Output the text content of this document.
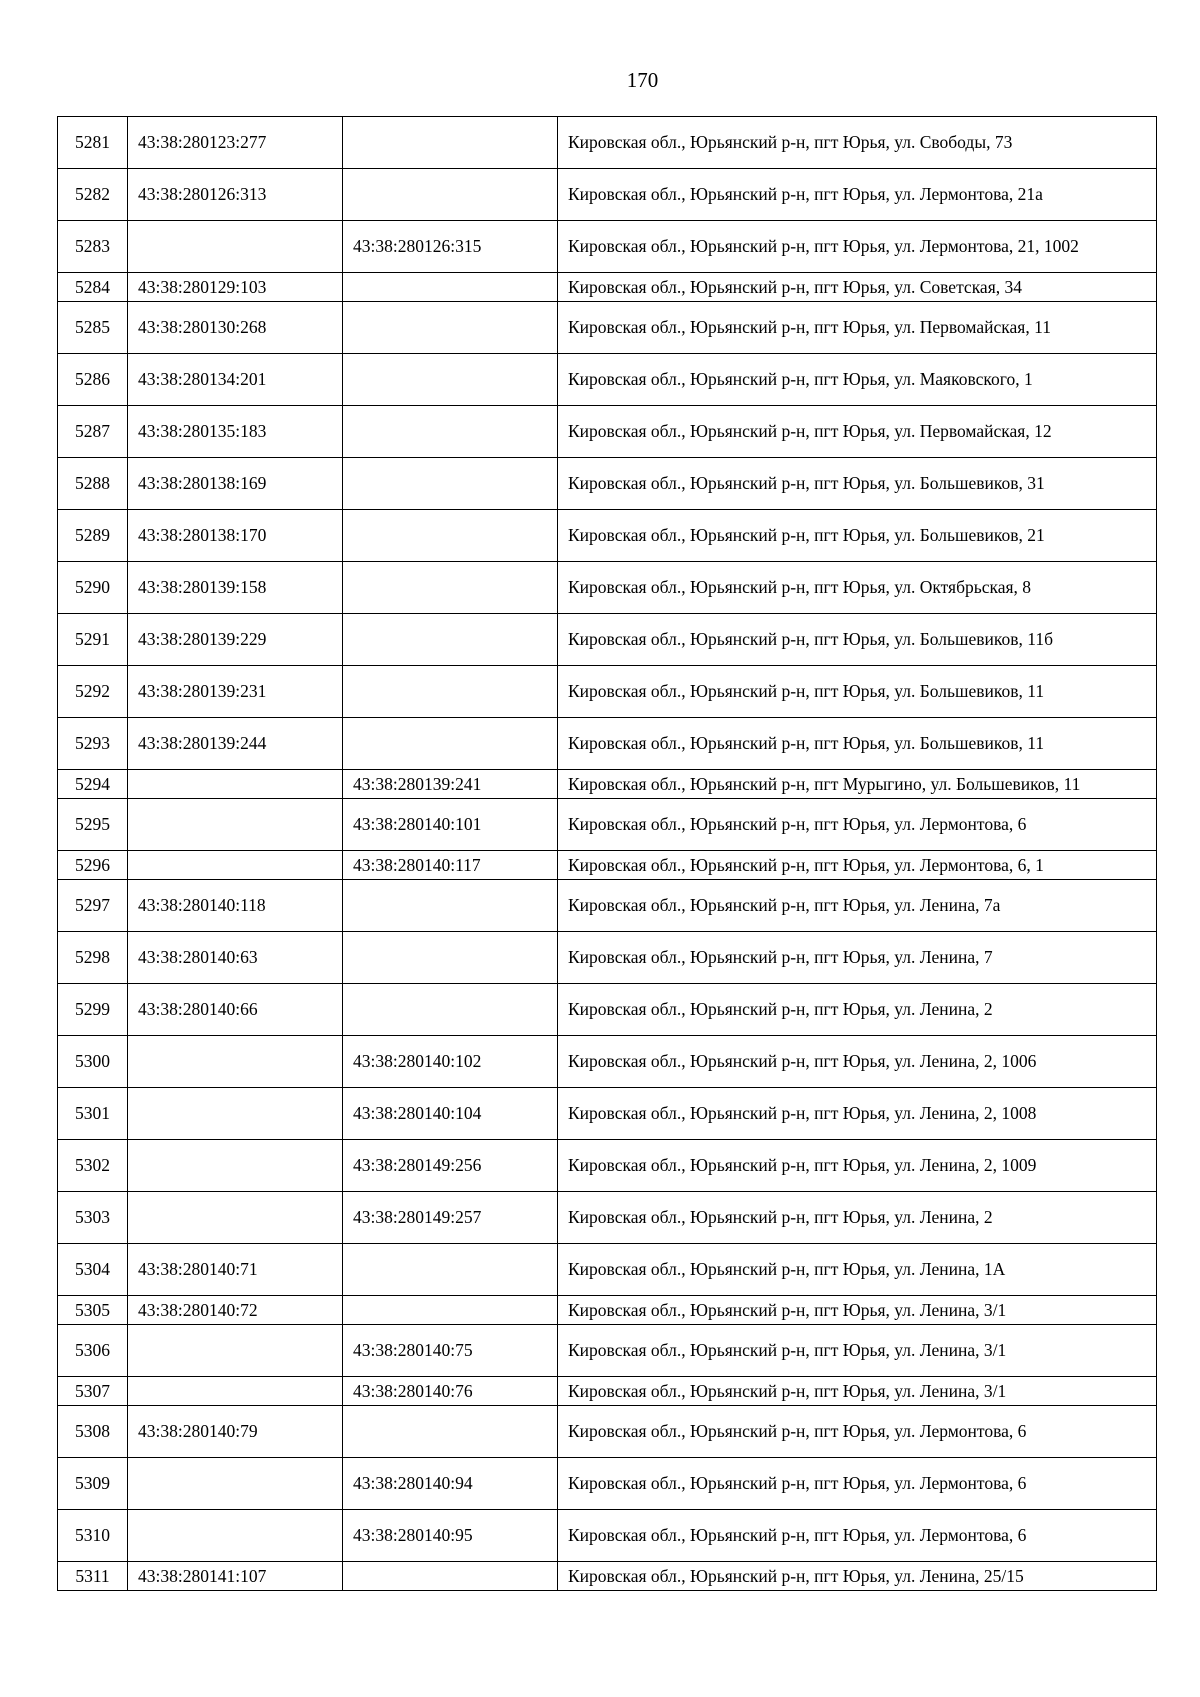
170
5281	43:38:280123:277		Кировская обл., Юрьянский р-н, пгт Юрья, ул. Свободы, 73
5282	43:38:280126:313		Кировская обл., Юрьянский р-н, пгт Юрья, ул. Лермонтова, 21а
5283		43:38:280126:315	Кировская обл., Юрьянский р-н, пгт Юрья, ул. Лермонтова, 21, 1002
5284	43:38:280129:103		Кировская обл., Юрьянский р-н, пгт Юрья, ул. Советская, 34
5285	43:38:280130:268		Кировская обл., Юрьянский р-н, пгт Юрья, ул. Первомайская, 11
5286	43:38:280134:201		Кировская обл., Юрьянский р-н, пгт Юрья, ул. Маяковского, 1
5287	43:38:280135:183		Кировская обл., Юрьянский р-н, пгт Юрья, ул. Первомайская, 12
5288	43:38:280138:169		Кировская обл., Юрьянский р-н, пгт Юрья, ул. Большевиков, 31
5289	43:38:280138:170		Кировская обл., Юрьянский р-н, пгт Юрья, ул. Большевиков, 21
5290	43:38:280139:158		Кировская обл., Юрьянский р-н, пгт Юрья, ул. Октябрьская, 8
5291	43:38:280139:229		Кировская обл., Юрьянский р-н, пгт Юрья, ул. Большевиков, 11б
5292	43:38:280139:231		Кировская обл., Юрьянский р-н, пгт Юрья, ул. Большевиков, 11
5293	43:38:280139:244		Кировская обл., Юрьянский р-н, пгт Юрья, ул. Большевиков, 11
5294		43:38:280139:241	Кировская обл., Юрьянский р-н, пгт Мурыгино, ул. Большевиков, 11
5295		43:38:280140:101	Кировская обл., Юрьянский р-н, пгт Юрья, ул. Лермонтова, 6
5296		43:38:280140:117	Кировская обл., Юрьянский р-н, пгт Юрья, ул. Лермонтова, 6, 1
5297	43:38:280140:118		Кировская обл., Юрьянский р-н, пгт Юрья, ул. Ленина, 7а
5298	43:38:280140:63		Кировская обл., Юрьянский р-н, пгт Юрья, ул. Ленина, 7
5299	43:38:280140:66		Кировская обл., Юрьянский р-н, пгт Юрья, ул. Ленина, 2
5300		43:38:280140:102	Кировская обл., Юрьянский р-н, пгт Юрья, ул. Ленина, 2, 1006
5301		43:38:280140:104	Кировская обл., Юрьянский р-н, пгт Юрья, ул. Ленина, 2, 1008
5302		43:38:280149:256	Кировская обл., Юрьянский р-н, пгт Юрья, ул. Ленина, 2, 1009
5303		43:38:280149:257	Кировская обл., Юрьянский р-н, пгт Юрья, ул. Ленина, 2
5304	43:38:280140:71		Кировская обл., Юрьянский р-н, пгт Юрья, ул. Ленина, 1А
5305	43:38:280140:72		Кировская обл., Юрьянский р-н, пгт Юрья, ул. Ленина, 3/1
5306		43:38:280140:75	Кировская обл., Юрьянский р-н, пгт Юрья, ул. Ленина, 3/1
5307		43:38:280140:76	Кировская обл., Юрьянский р-н, пгт Юрья, ул. Ленина, 3/1
5308	43:38:280140:79		Кировская обл., Юрьянский р-н, пгт Юрья, ул. Лермонтова, 6
5309		43:38:280140:94	Кировская обл., Юрьянский р-н, пгт Юрья, ул. Лермонтова, 6
5310		43:38:280140:95	Кировская обл., Юрьянский р-н, пгт Юрья, ул. Лермонтова, 6
5311	43:38:280141:107		Кировская обл., Юрьянский р-н, пгт Юрья, ул. Ленина, 25/15
